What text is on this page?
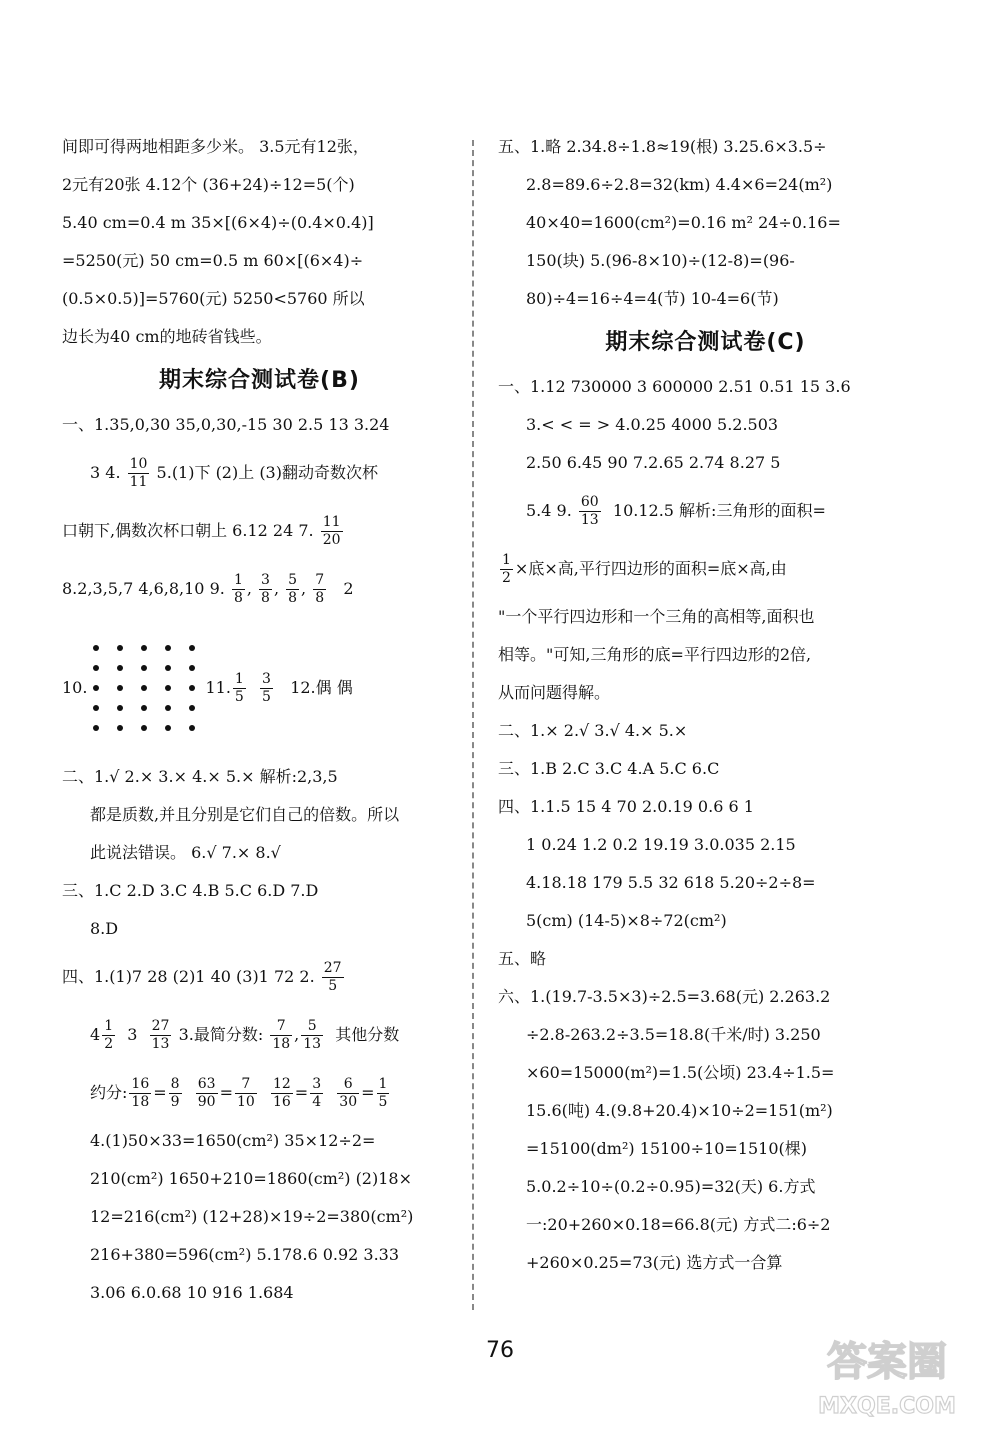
间即可得两地相距多少米。 3.5元有12张，
2元有20张 4.12个 (36+24)÷12=5(个)
5.40 cm=0.4 m 35×[(6×4)÷(0.4×0.4)]
=5250(元) 50 cm=0.5 m 60×[(6×4)÷
(0.5×0.5)]=5760(元) 5250<5760 所以
边长为40 cm的地砖省钱些。
期末综合测试卷(B)
一、1.35,0,30 35,0,30,-15 30 2.5 13 3.24
3 4. $\frac{10}{11} 5.(1)$下 (2)上 (3)翻动奇数次杯
口朝下,偶数次杯口朝上 6.12 24 7. $\frac{11}{20}$
8.2,3,5,7 4,6,8,10 9. $\frac{1}{8}$ , $\frac{3}{8}$ , $\frac{5}{8}$ , $\frac{7}{8} 2$
10.	11. $\frac{1}{5}$
$\frac{3}{5}$
12.偶 偶
二、1.√ 2.× 3.× 4.× 5.× 解析:2,3,5
都是质数,并且分别是它们自己的倍数。所以
此说法错误。 6.√ 7.× 8.√
三、1.C 2.D 3.C 4.B 5.C 6.D 7.D
8.D
四、1.(1)7 28 (2)1 40 (3)1 72 2. $\frac{27}{5}$
$4 \frac{1}{2} 3 \frac{27}{13} 3$.最简分数: $\frac{7}{18}$ , $\frac{5}{13}$ 其他分数
约分: $\frac{16}{18} = \frac{8}{9}$
$\frac{63}{90} = \frac{7}{10}$
$\frac{12}{16} = \frac{3}{4}$
$\frac{6}{30} = \frac{1}{5}$
4.(1)50×33=1650(cm²) 35×12÷2=
210(cm²) 1650+210=1860(cm²) (2)18×
12=216(cm²) (12+28)×19÷2=380(cm²)
216+380=596(cm²) 5.178.6 0.92 3.33
3.06 6.0.68 10 916 1.684
五、1.略 2.34.8÷1.8≈19(根) 3.25.6×3.5÷
2.8=89.6÷2.8=32(km) 4.4×6=24(m²)
40×40=1600(cm²)=0.16 m² 24÷0.16=
150(块) 5.(96-8×10)÷(12-8)=(96-
80)÷4=16÷4=4(节) 10-4=6(节)
期末综合测试卷(C)
一、1.12 730000 3 600000 2.51 0.51 15 3.6
3.< < = > 4.0.25 4000 5.2.503
2.50 6.45 90 7.2.65 2.74 8.27 5
5.4 9. $\frac{60}{13} 10.12.5$ 解析:三角形的面积=
$\frac{1}{2}$ ×底×高,平行四边形的面积=底×高,由
"一个平行四边形和一个三角的高相等,面积也
相等。"可知,三角形的底=平行四边形的2倍,
从而问题得解。
二、1.× 2.√ 3.√ 4.× 5.×
三、1.B 2.C 3.C 4.A 5.C 6.C
四、1.1.5 15 4 70 2.0.19 0.6 6 1
1 0.24 1.2 0.2 19.19 3.0.035 2.15
4.18.18 179 5.5 32 618 5.20÷2÷8=
5(cm) (14-5)×8÷72(cm²)
五、略
六、1.(19.7-3.5×3)÷2.5=3.68(元) 2.263.2
÷2.8-263.2÷3.5=18.8(千米/时) 3.250
×60=15000(m²)=1.5(公顷) 23.4÷1.5=
15.6(吨) 4.(9.8+20.4)×10÷2=151(m²)
=15100(dm²) 15100÷10=1510(棵)
5.0.2÷10÷(0.2÷0.95)=32(天) 6.方式
一:20+260×0.18=66.8(元) 方式二:6÷2
+260×0.25=73(元) 选方式一合算
76	答案圈
MXQE.COM
